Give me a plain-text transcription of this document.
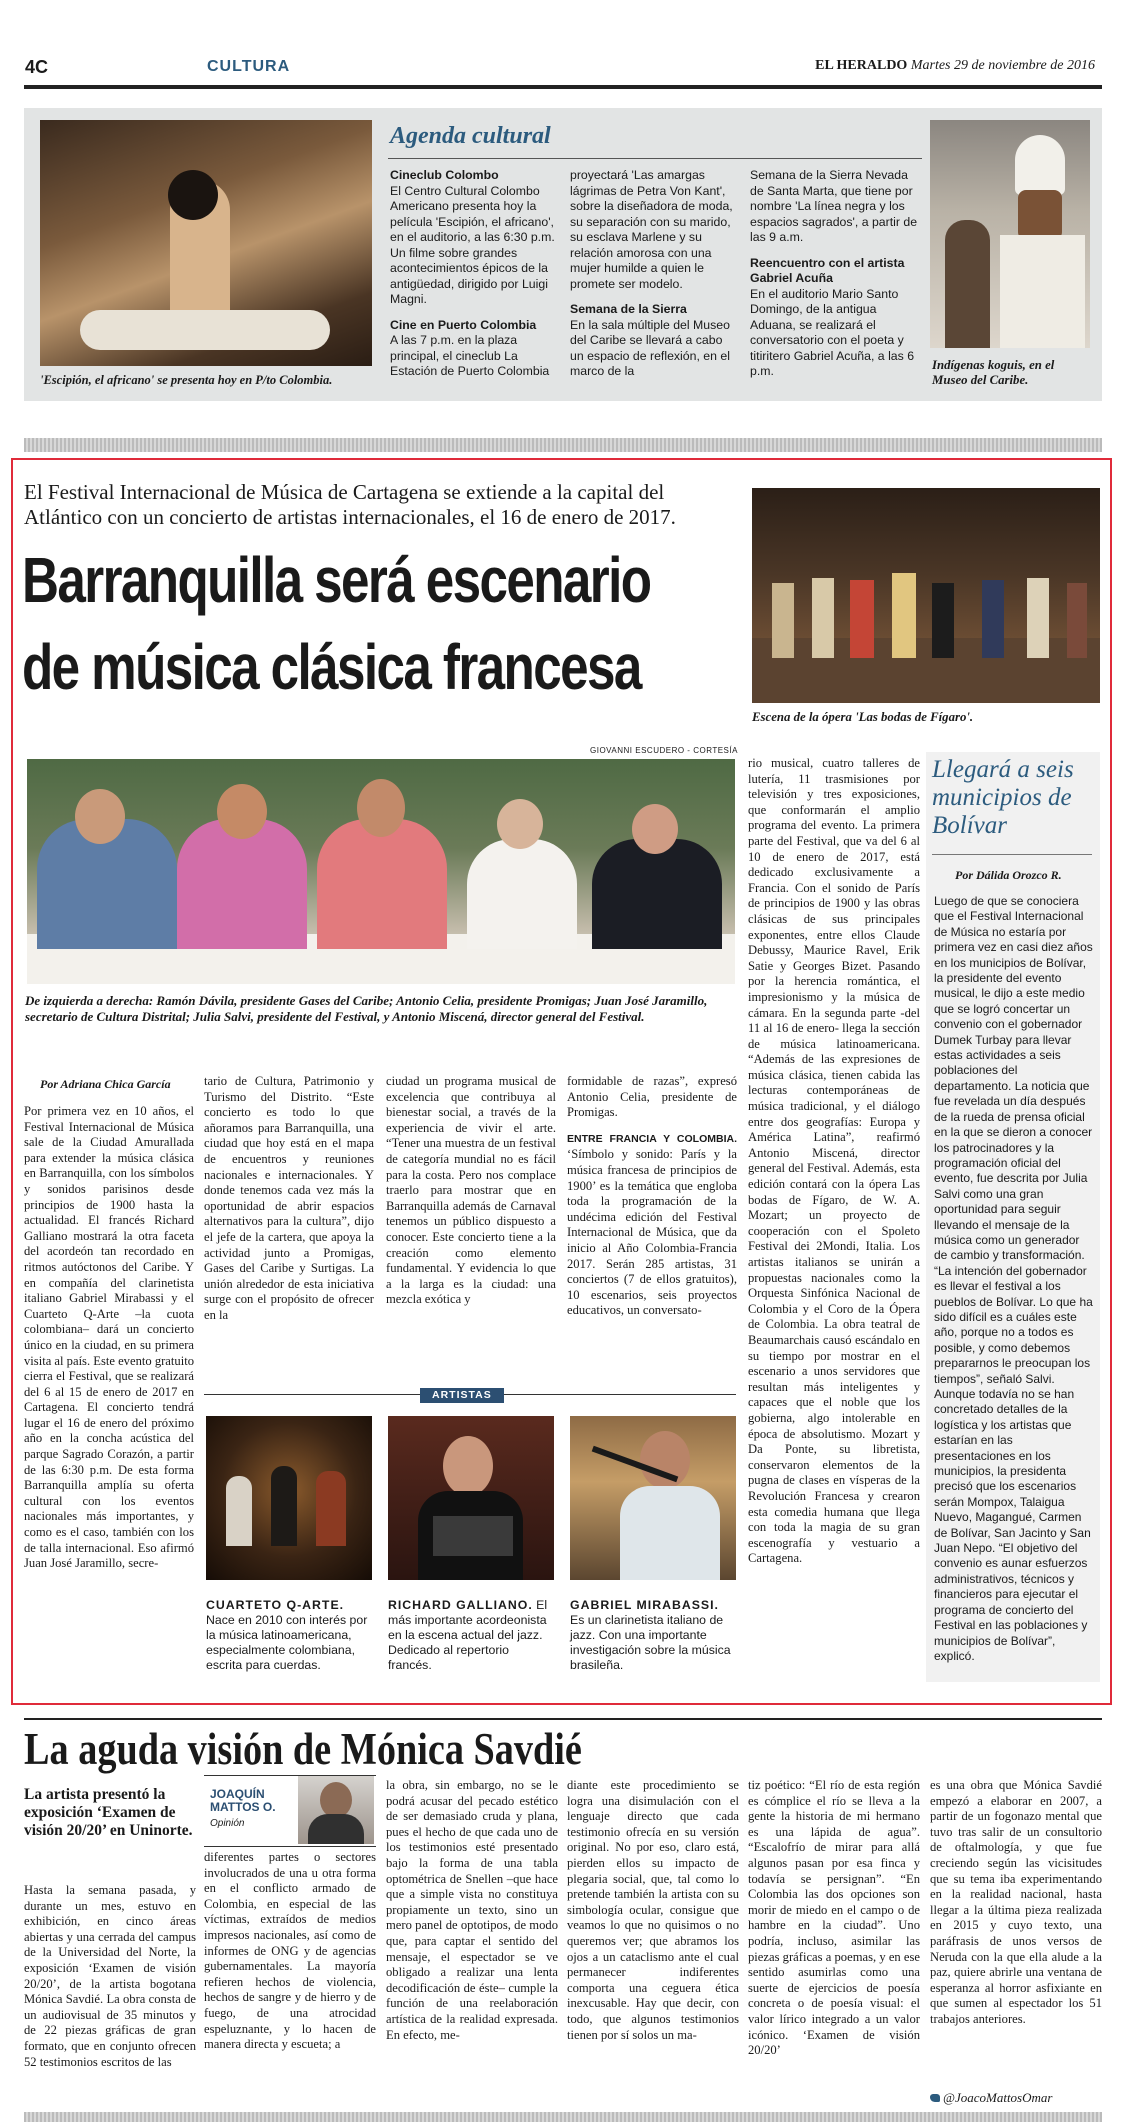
4C	CULTURA	EL HERALDO Martes 29 de noviembre de 2016
'Escipión, el africano' se presenta hoy en P/to Colombia.
Agenda cultural
Cineclub Colombo
El Centro Cultural Colombo Americano presenta hoy la película 'Escipión, el africano', en el auditorio, a las 6:30 p.m. Un filme sobre grandes acontecimientos épicos de la antigüedad, dirigido por Luigi Magni.
Cine en Puerto Colombia
A las 7 p.m. en la plaza principal, el cineclub La Estación de Puerto Colombia
proyectará 'Las amargas lágrimas de Petra Von Kant', sobre la diseñadora de moda, su separación con su marido, su esclava Marlene y su relación amorosa con una mujer humilde a quien le promete ser modelo.
Semana de la Sierra
En la sala múltiple del Museo del Caribe se llevará a cabo un espacio de reflexión, en el marco de la
Semana de la Sierra Nevada de Santa Marta, que tiene por nombre 'La línea negra y los espacios sagrados', a partir de las 9 a.m.
Reencuentro con el artista Gabriel Acuña
En el auditorio Mario Santo Domingo, de la antigua Aduana, se realizará el conversatorio con el poeta y titiritero Gabriel Acuña, a las 6 p.m.	Indígenas koguis, en el Museo del Caribe.
El Festival Internacional de Música de Cartagena se extiende a la capital del Atlántico con un concierto de artistas internacionales, el 16 de enero de 2017.
Barranquilla será escenario
de música clásica francesa
Escena de la ópera 'Las bodas de Fígaro'.
GIOVANNI ESCUDERO - CORTESÍA
De izquierda a derecha: Ramón Dávila, presidente Gases del Caribe; Antonio Celia, presidente Promigas; Juan José Jaramillo, secretario de Cultura Distrital; Julia Salvi, presidente del Festival, y Antonio Miscená, director general del Festival.
Por Adriana Chica García

Por primera vez en 10 años, el Festival Internacional de Música sale de la Ciudad Amurallada para extender la música clásica en Barranquilla, con los símbolos y sonidos parisinos desde principios de 1900 hasta la actualidad. El francés Richard Galliano mostrará la otra faceta del acordeón tan recordado en ritmos autóctonos del Caribe. Y en compañía del clarinetista italiano Gabriel Mirabassi y el Cuarteto Q-Arte –la cuota colombiana– dará un concierto único en la ciudad, en su primera visita al país. Este evento gratuito cierra el Festival, que se realizará del 6 al 15 de enero de 2017 en Cartagena. El concierto tendrá lugar el 16 de enero del próximo año en la concha acústica del parque Sagrado Corazón, a partir de las 6:30 p.m. De esta forma Barranquilla amplía su oferta cultural con los eventos nacionales más importantes, y como es el caso, también con los de talla internacional. Eso afirmó Juan José Jaramillo, secre-

tario de Cultura, Patrimonio y Turismo del Distrito. “Este concierto es todo lo que añoramos para Barranquilla, una ciudad que hoy está en el mapa de encuentros y reuniones nacionales e internacionales. Y donde tenemos cada vez más la oportunidad de abrir espacios alternativos para la cultura”, dijo el jefe de la cartera, que apoya la actividad junto a Promigas, Gases del Caribe y Surtigas. La unión alrededor de esta iniciativa surge con el propósito de ofrecer en la

ciudad un programa musical de excelencia que contribuya al bienestar social, a través de la experiencia de vivir el arte. “Tener una muestra de un festival de categoría mundial no es fácil para la costa. Pero nos complace traerlo para mostrar que en Barranquilla además de Carnaval tenemos un público dispuesto a conocer. Este concierto tiene a la creación como elemento fundamental. Y evidencia lo que a la larga es la ciudad: una mezcla exótica y

formidable de razas”, expresó Antonio Celia, presidente de Promigas.

ENTRE FRANCIA Y COLOMBIA. ‘Símbolo y sonido: París y la música francesa de principios de 1900’ es la temática que engloba toda la programación de la undécima edición del Festival Internacional de Música, que da inicio al Año Colombia-Francia 2017. Serán 285 artistas, 31 conciertos (7 de ellos gratuitos), 10 escenarios, seis proyectos educativos, un conversato-

rio musical, cuatro talleres de lutería, 11 trasmisiones por televisión y tres exposiciones, que conformarán el amplio programa del evento. La primera parte del Festival, que va del 6 al 10 de enero de 2017, está dedicado exclusivamente a Francia. Con el sonido de París de principios de 1900 y las obras clásicas de sus principales exponentes, entre ellos Claude Debussy, Maurice Ravel, Erik Satie y Georges Bizet. Pasando por la herencia romántica, el impresionismo y la música de cámara. En la segunda parte -del 11 al 16 de enero- llega la sección de música latinoamericana. “Además de las expresiones de música clásica, tienen cabida las lecturas contemporáneas de música tradicional, y el diálogo entre dos geografías: Europa y América Latina”, reafirmó Antonio Miscená, director general del Festival. Además, esta edición contará con la ópera Las bodas de Fígaro, de W. A. Mozart; un proyecto de cooperación con el Spoleto Festival dei 2Mondi, Italia. Los artistas italianos se unirán a propuestas nacionales como la Orquesta Sinfónica Nacional de Colombia y el Coro de la Ópera de Colombia. La obra teatral de Beaumarchais causó escándalo en su tiempo por mostrar en el escenario a unos servidores que resultan más inteligentes y capaces que el noble que los gobierna, algo intolerable en época de absolutismo. Mozart y Da Ponte, su libretista, conservaron elementos de la pugna de clases en vísperas de la Revolución Francesa y crearon esta comedia humana que llega con toda la magia de su gran escenografía y vestuario a Cartagena.

ARTISTAS
CUARTETO Q-ARTE. Nace en 2010 con interés por la música latinoamericana, especialmente colombiana, escrita para cuerdas.
RICHARD GALLIANO. El más importante acordeonista en la escena actual del jazz. Dedicado al repertorio francés.
GABRIEL MIRABASSI. Es un clarinetista italiano de jazz. Con una importante investigación sobre la música brasileña.
Llegará a seis municipios de Bolívar
Por Dálida Orozco R.
Luego de que se conociera que el Festival Internacional de Música no estaría por primera vez en casi diez años en los municipios de Bolívar, la presidente del evento musical, le dijo a este medio que se logró concertar un convenio con el gobernador Dumek Turbay para llevar estas actividades a seis poblaciones del departamento. La noticia que fue revelada un día después de la rueda de prensa oficial en la que se dieron a conocer los patrocinadores y la programación oficial del evento, fue descrita por Julia Salvi como una gran oportunidad para seguir llevando el mensaje de la música como un generador de cambio y transformación. “La intención del gobernador es llevar el festival a los pueblos de Bolívar. Lo que ha sido difícil es a cuáles este año, porque no a todos es posible, y como debemos prepararnos le preocupan los tiempos”, señaló Salvi. Aunque todavía no se han concretado detalles de la logística y los artistas que estarían en las presentaciones en los municipios, la presidenta precisó que los escenarios serán Mompox, Talaigua Nuevo, Magangué, Carmen de Bolívar, San Jacinto y San Juan Nepo. “El objetivo del convenio es aunar esfuerzos administrativos, técnicos y financieros para ejecutar el programa de concierto del Festival en las poblaciones y municipios de Bolívar”, explicó.
La aguda visión de Mónica Savdié
La artista presentó la exposición ‘Examen de visión 20/20’ en Uninorte.

Hasta la semana pasada, y durante un mes, estuvo en exhibición, en cinco áreas abiertas y una cerrada del campus de la Universidad del Norte, la exposición ‘Examen de visión 20/20’, de la artista bogotana Mónica Savdié. La obra consta de un audiovisual de 35 minutos y de 22 piezas gráficas de gran formato, que en conjunto ofrecen 52 testimonios escritos de las

JOAQUÍN MATTOS O.
Opinión

diferentes partes o sectores involucrados de una u otra forma en el conflicto armado de Colombia, en especial de las víctimas, extraídos de medios impresos nacionales, así como de informes de ONG y de agencias gubernamentales. La mayoría refieren hechos de violencia, hechos de sangre y de hierro y de fuego, de una atrocidad espeluznante, y lo hacen de manera directa y escueta; a

la obra, sin embargo, no se le podrá acusar del pecado estético de ser demasiado cruda y plana, pues el hecho de que cada uno de los testimonios esté presentado bajo la forma de una tabla optométrica de Snellen –que hace que a simple vista no constituya propiamente un texto, sino un mero panel de optotipos, de modo que, para captar el sentido del mensaje, el espectador se ve obligado a realizar una lenta decodificación de éste– cumple la función de una reelaboración artística de la realidad expresada. En efecto, me-

diante este procedimiento se logra una disimulación con el lenguaje directo que cada testimonio ofrecía en su versión original. No por eso, claro está, pierden ellos su impacto de plegaria social, que, tal como lo pretende también la artista con su simbología ocular, consigue que veamos lo que no quisimos o no queremos ver; que abramos los ojos a un cataclismo ante el cual permanecer indiferentes comporta una ceguera ética inexcusable. Hay que decir, con todo, que algunos testimonios tienen por sí solos un ma-

tiz poético: “El río de esta región es cómplice el río se lleva a la gente la historia de mi hermano es una lápida de agua”. “Escalofrío de mirar para allá algunos pasan por esa finca y todavía se persignan”. “En Colombia las dos opciones son morir de miedo en el campo o de hambre en la ciudad”. Uno podría, incluso, asimilar las piezas gráficas a poemas, y en ese sentido asumirlas como una suerte de ejercicios de poesía concreta o de poesía visual: el valor lírico integrado a un valor icónico. ‘Examen de visión 20/20’

es una obra que Mónica Savdié empezó a elaborar en 2007, a partir de un fogonazo mental que tuvo tras salir de un consultorio de oftalmología, y que fue creciendo según las vicisitudes que su tema iba experimentando en la realidad nacional, hasta llegar a la última pieza realizada en 2015 y cuyo texto, una paráfrasis de unos versos de Neruda con la que ella alude a la paz, quiere abrirle una ventana de esperanza al horror asfixiante en que sumen al espectador los 51 trabajos anteriores.

@JoacoMattosOmar
